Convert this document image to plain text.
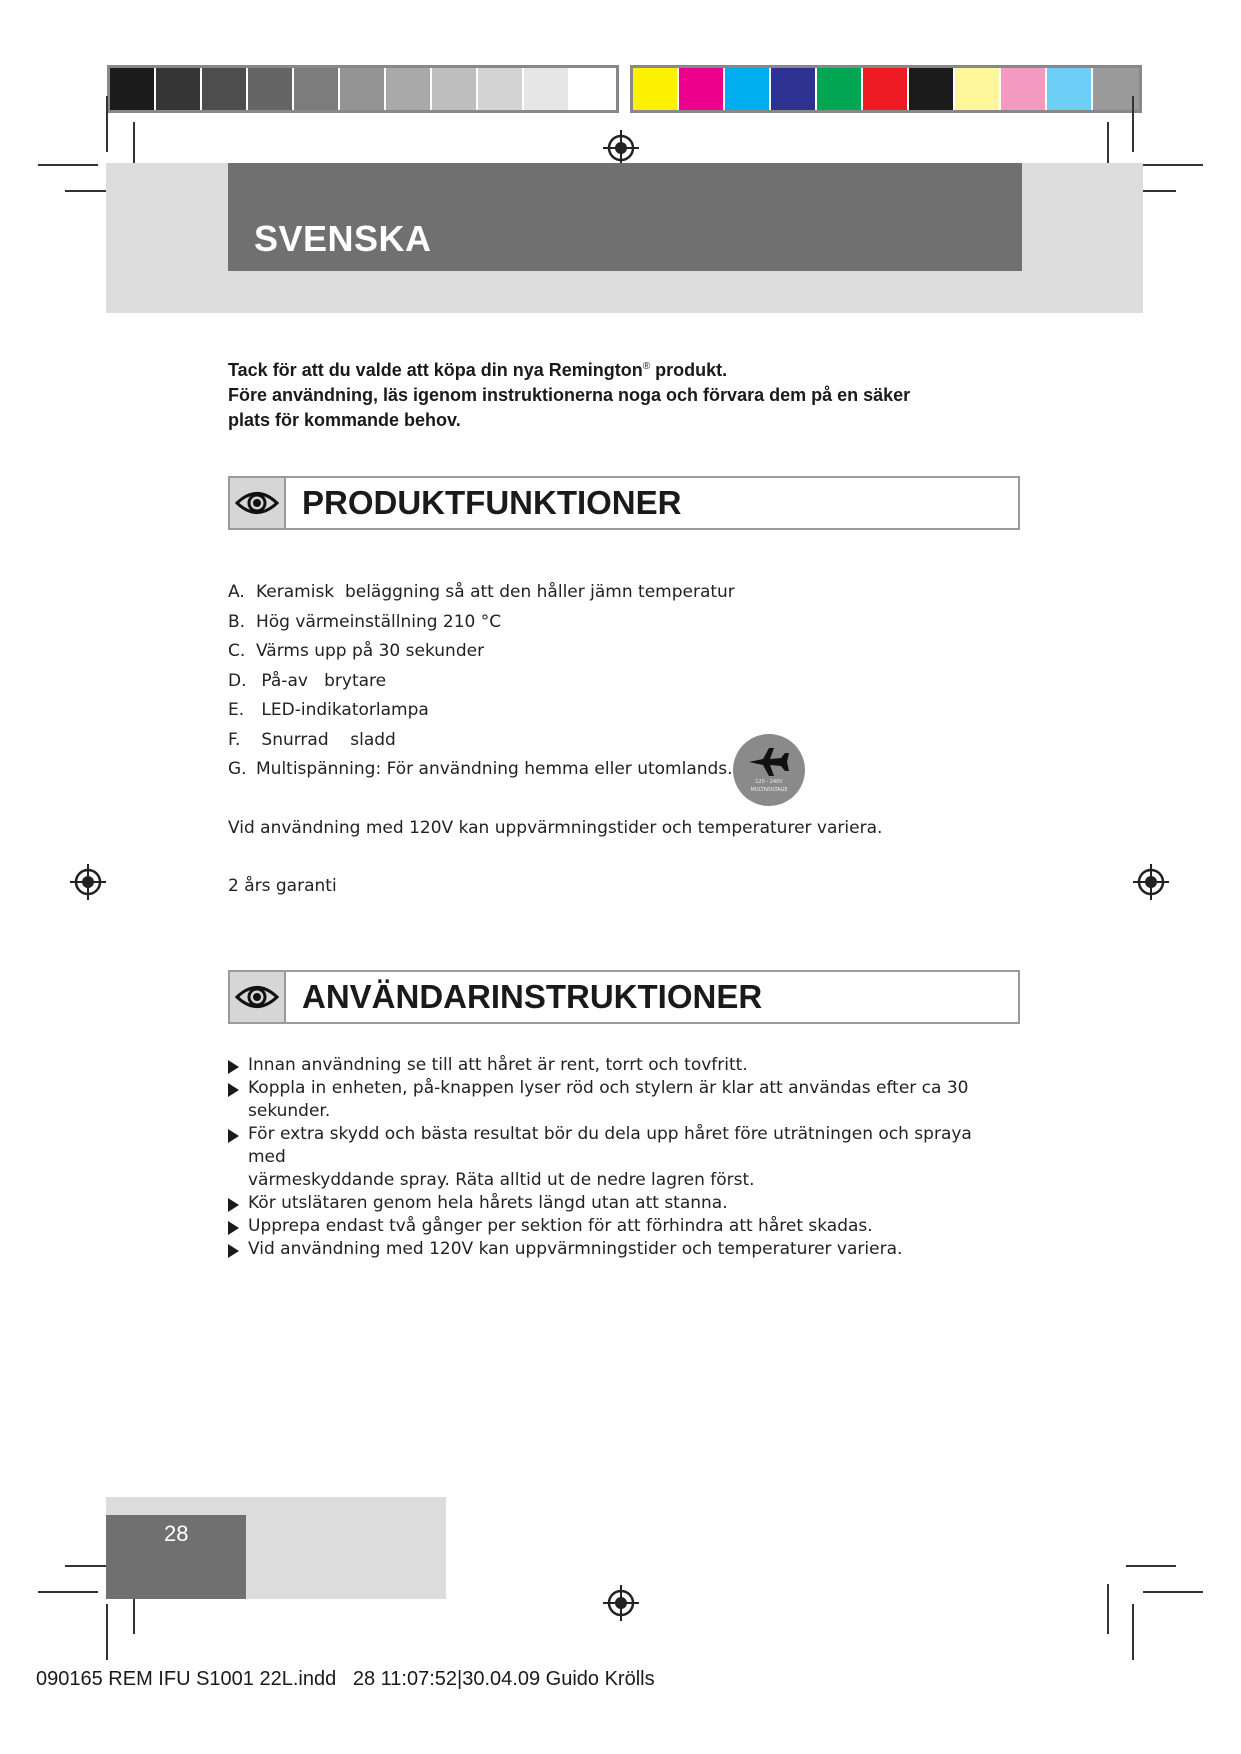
SVENSKA
Tack för att du valde att köpa din nya Remington® produkt.
Före användning, läs igenom instruktionerna noga och förvara dem på en säker
plats för kommande behov.
PRODUKTFUNKTIONER
A. Keramisk  beläggning så att den håller jämn temperatur
B. Hög värmeinställning 210 °C
C. Värms upp på 30 sekunder
D. På-av   brytare
E. LED-indikatorlampa
F. Snurrad    sladd
G. Multispänning: För användning hemma eller utomlands.
120 - 240V
MULTIVOLTAGE
Vid användning med 120V kan uppvärmningstider och temperaturer variera.
2 års garanti
ANVÄNDARINSTRUKTIONER
Innan användning se till att håret är rent, torrt och tovfritt.
Koppla in enheten, på-knappen lyser röd och stylern är klar att användas efter ca 30
sekunder.
För extra skydd och bästa resultat bör du dela upp håret före uträtningen och spraya med
värmeskyddande spray. Räta alltid ut de nedre lagren först.
Kör utslätaren genom hela hårets längd utan att stanna.
Upprepa endast två gånger per sektion för att förhindra att håret skadas.
Vid användning med 120V kan uppvärmningstider och temperaturer variera.
28
090165 REM IFU S1001 22L.indd   28 11:07:52|30.04.09 Guido Krölls
